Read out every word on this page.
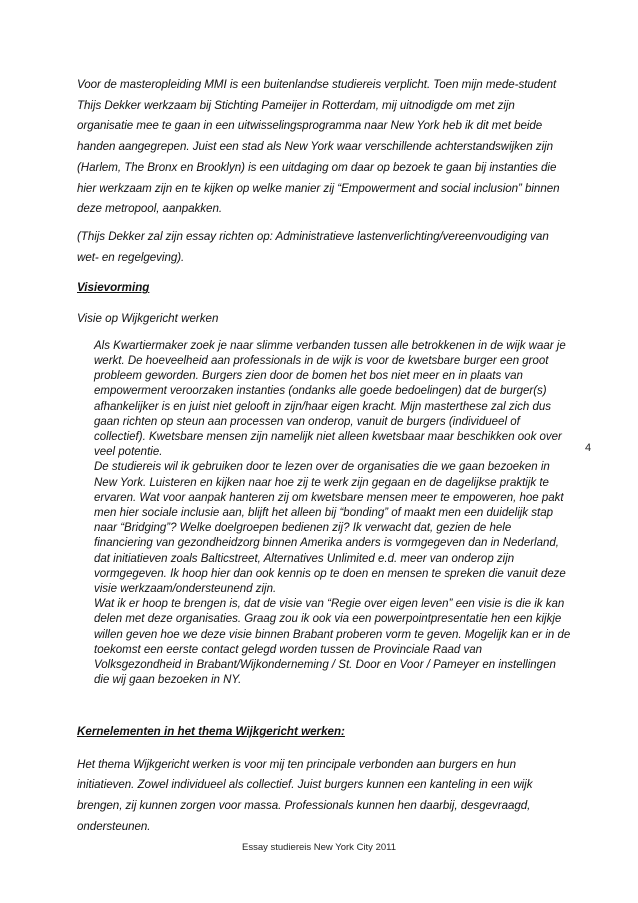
Voor de masteropleiding MMI is een buitenlandse studiereis verplicht. Toen mijn mede-student Thijs Dekker werkzaam bij Stichting Pameijer in Rotterdam, mij uitnodigde om met zijn organisatie mee te gaan in een uitwisselingsprogramma naar New York heb ik dit met beide handen aangegrepen. Juist een stad als New York waar verschillende achterstandswijken zijn (Harlem, The Bronx en Brooklyn) is een uitdaging om daar op bezoek te gaan bij instanties die hier werkzaam zijn en te kijken op welke manier zij “Empowerment and social inclusion” binnen deze metropool, aanpakken.

(Thijs Dekker zal zijn essay richten op: Administratieve lastenverlichting/vereenvoudiging van wet- en regelgeving).

Visievorming

Visie op Wijkgericht werken

Als Kwartiermaker zoek je naar slimme verbanden tussen alle betrokkenen in de wijk waar je werkt. De hoeveelheid aan professionals in de wijk is voor de kwetsbare burger een groot probleem geworden. Burgers zien door de bomen het bos niet meer en in plaats van empowerment veroorzaken instanties (ondanks alle goede bedoelingen) dat de burger(s) afhankelijker is en juist niet gelooft in zijn/haar eigen kracht. Mijn masterthese zal zich dus gaan richten op steun aan processen van onderop, vanuit de burgers (individueel of collectief). Kwetsbare mensen zijn namelijk niet alleen kwetsbaar maar beschikken ook over veel potentie.

De studiereis wil ik gebruiken door te lezen over de organisaties die we gaan bezoeken in New York. Luisteren en kijken naar hoe zij te werk zijn gegaan en de dagelijkse praktijk te ervaren. Wat voor aanpak hanteren zij om kwetsbare mensen meer te empoweren, hoe pakt men hier sociale inclusie aan, blijft het alleen bij “bonding” of maakt men een duidelijk stap naar “Bridging”? Welke doelgroepen bedienen zij? Ik verwacht dat, gezien de hele financiering van gezondheidzorg binnen Amerika anders is vormgegeven dan in Nederland, dat initiatieven zoals Balticstreet, Alternatives Unlimited e.d. meer van onderop zijn vormgegeven. Ik hoop hier dan ook kennis op te doen en mensen te spreken die vanuit deze visie werkzaam/ondersteunend zijn.

Wat ik er hoop te brengen is, dat de visie van “Regie over eigen leven” een visie is die ik kan delen met deze organisaties. Graag zou ik ook via een powerpointpresentatie hen een kijkje willen geven hoe we deze visie binnen Brabant proberen vorm te geven. Mogelijk kan er in de toekomst een eerste contact gelegd worden tussen de Provinciale Raad van Volksgezondheid in Brabant/Wijkonderneming / St. Door en Voor / Pameyer en instellingen die wij gaan bezoeken in NY.

Kernelementen in het thema Wijkgericht werken:

Het thema Wijkgericht werken is voor mij ten principale verbonden aan burgers en hun initiatieven. Zowel individueel als collectief. Juist burgers kunnen een kanteling in een wijk brengen, zij kunnen zorgen voor massa. Professionals kunnen hen daarbij, desgevraagd, ondersteunen.

4
Essay studiereis New York City 2011
